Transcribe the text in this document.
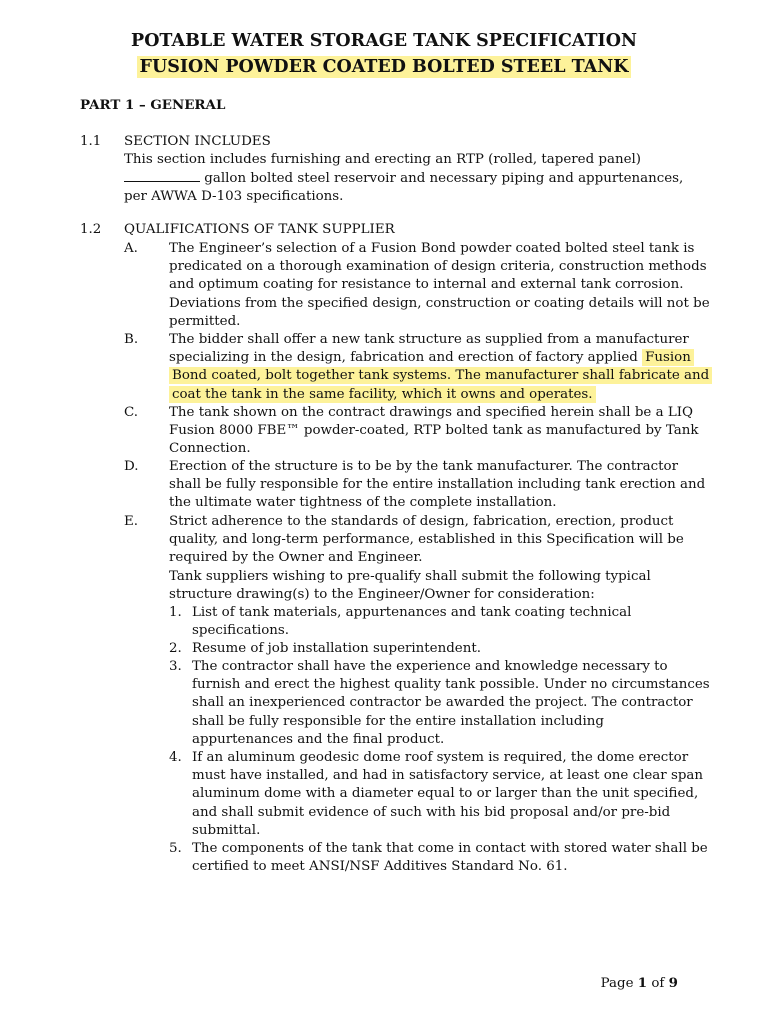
POTABLE WATER STORAGE TANK SPECIFICATION
FUSION POWDER COATED BOLTED STEEL TANK
PART 1 – GENERAL
1.1 SECTION INCLUDES
This section includes furnishing and erecting an RTP (rolled, tapered panel)
gallon bolted steel reservoir and necessary piping and appurtenances,
per AWWA D-103 specifications.
1.2 QUALIFICATIONS OF TANK SUPPLIER
A. The Engineer’s selection of a Fusion Bond powder coated bolted steel tank is
predicated on a thorough examination of design criteria, construction methods
and optimum coating for resistance to internal and external tank corrosion.
Deviations from the specified design, construction or coating details will not be
permitted.
B. The bidder shall offer a new tank structure as supplied from a manufacturer
specializing in the design, fabrication and erection of factory applied Fusion
Bond coated, bolt together tank systems. The manufacturer shall fabricate and
coat the tank in the same facility, which it owns and operates.
C. The tank shown on the contract drawings and specified herein shall be a LIQ
Fusion 8000 FBE™ powder-coated, RTP bolted tank as manufactured by Tank
Connection.
D. Erection of the structure is to be by the tank manufacturer. The contractor
shall be fully responsible for the entire installation including tank erection and
the ultimate water tightness of the complete installation.
E. Strict adherence to the standards of design, fabrication, erection, product
quality, and long-term performance, established in this Specification will be
required by the Owner and Engineer.
Tank suppliers wishing to pre-qualify shall submit the following typical
structure drawing(s) to the Engineer/Owner for consideration:
1. List of tank materials, appurtenances and tank coating technical
specifications.
2. Resume of job installation superintendent.
3. The contractor shall have the experience and knowledge necessary to
furnish and erect the highest quality tank possible. Under no circumstances
shall an inexperienced contractor be awarded the project. The contractor
shall be fully responsible for the entire installation including
appurtenances and the final product.
4. If an aluminum geodesic dome roof system is required, the dome erector
must have installed, and had in satisfactory service, at least one clear span
aluminum dome with a diameter equal to or larger than the unit specified,
and shall submit evidence of such with his bid proposal and/or pre-bid
submittal.
5. The components of the tank that come in contact with stored water shall be
certified to meet ANSI/NSF Additives Standard No. 61.
Page 1 of 9
